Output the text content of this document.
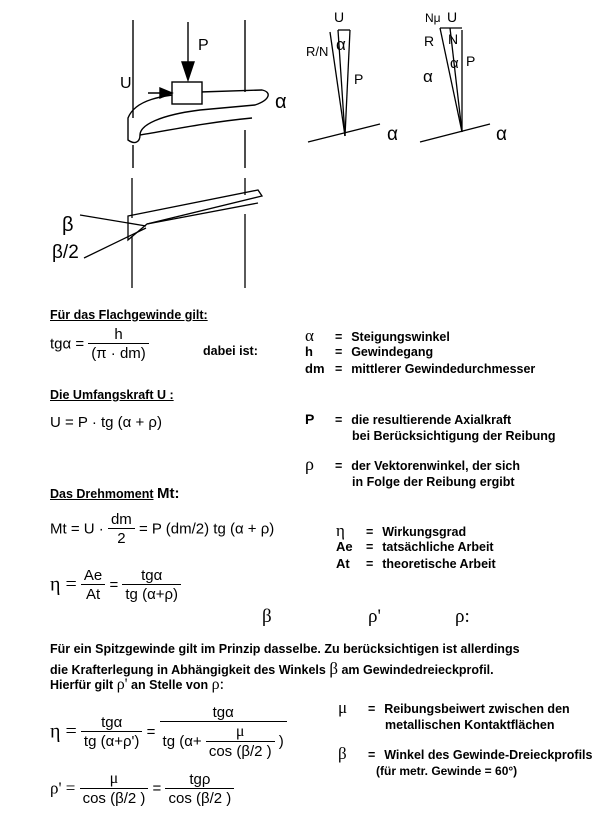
P
U
α
U
R/N α
P
α
Nμ U
R N
α
α P
α
β
β/2
Für das Flachgewinde gilt:
$tg\alpha = \frac{h}{(\pi \cdot dm)}$	dabei ist:
α = Steigungswinkel
h = Gewindegang
dm = mittlerer Gewindedurchmesser
Die Umfangskraft U :
U = P · tg (α + ρ)	P = die resultierende Axialkraft
bei Berücksichtigung der Reibung
ρ = der Vektorenwinkel, der sich
in Folge der Reibung ergibt
Das Drehmoment Mt:
$Mt = U \cdot \frac{dm}{2} = P$ (dm/2) tg (α + ρ)
$\eta = \frac{Ae}{At} = \frac{\text{tgα}}{tg (\alpha+\rho)}$
η = Wirkungsgrad
Ae = tatsächliche Arbeit
At = theoretische Arbeit
β	ρ'	ρ:
Für ein Spitzgewinde gilt im Prinzip dasselbe. Zu berücksichtigen ist allerdings
die Krafterlegung in Abhängigkeit des Winkels β am Gewindedreieckprofil.
Hierfür gilt ρ' an Stelle von ρ:
$\eta = \frac{\text{tgα}}{tg (\alpha+\rho')} = \frac{\text{tgα}}{tg (\alpha+ \frac{\mu}{\cos (\beta/2 )} )}$
$\rho' = \frac{\mu}{\cos (\beta/2 )} = \frac{\text{tgρ}}{\cos (\beta/2 )}$
μ = Reibungsbeiwert zwischen den
metallischen Kontaktflächen
β = Winkel des Gewinde-Dreieckprofils
(für metr. Gewinde = 60°)
